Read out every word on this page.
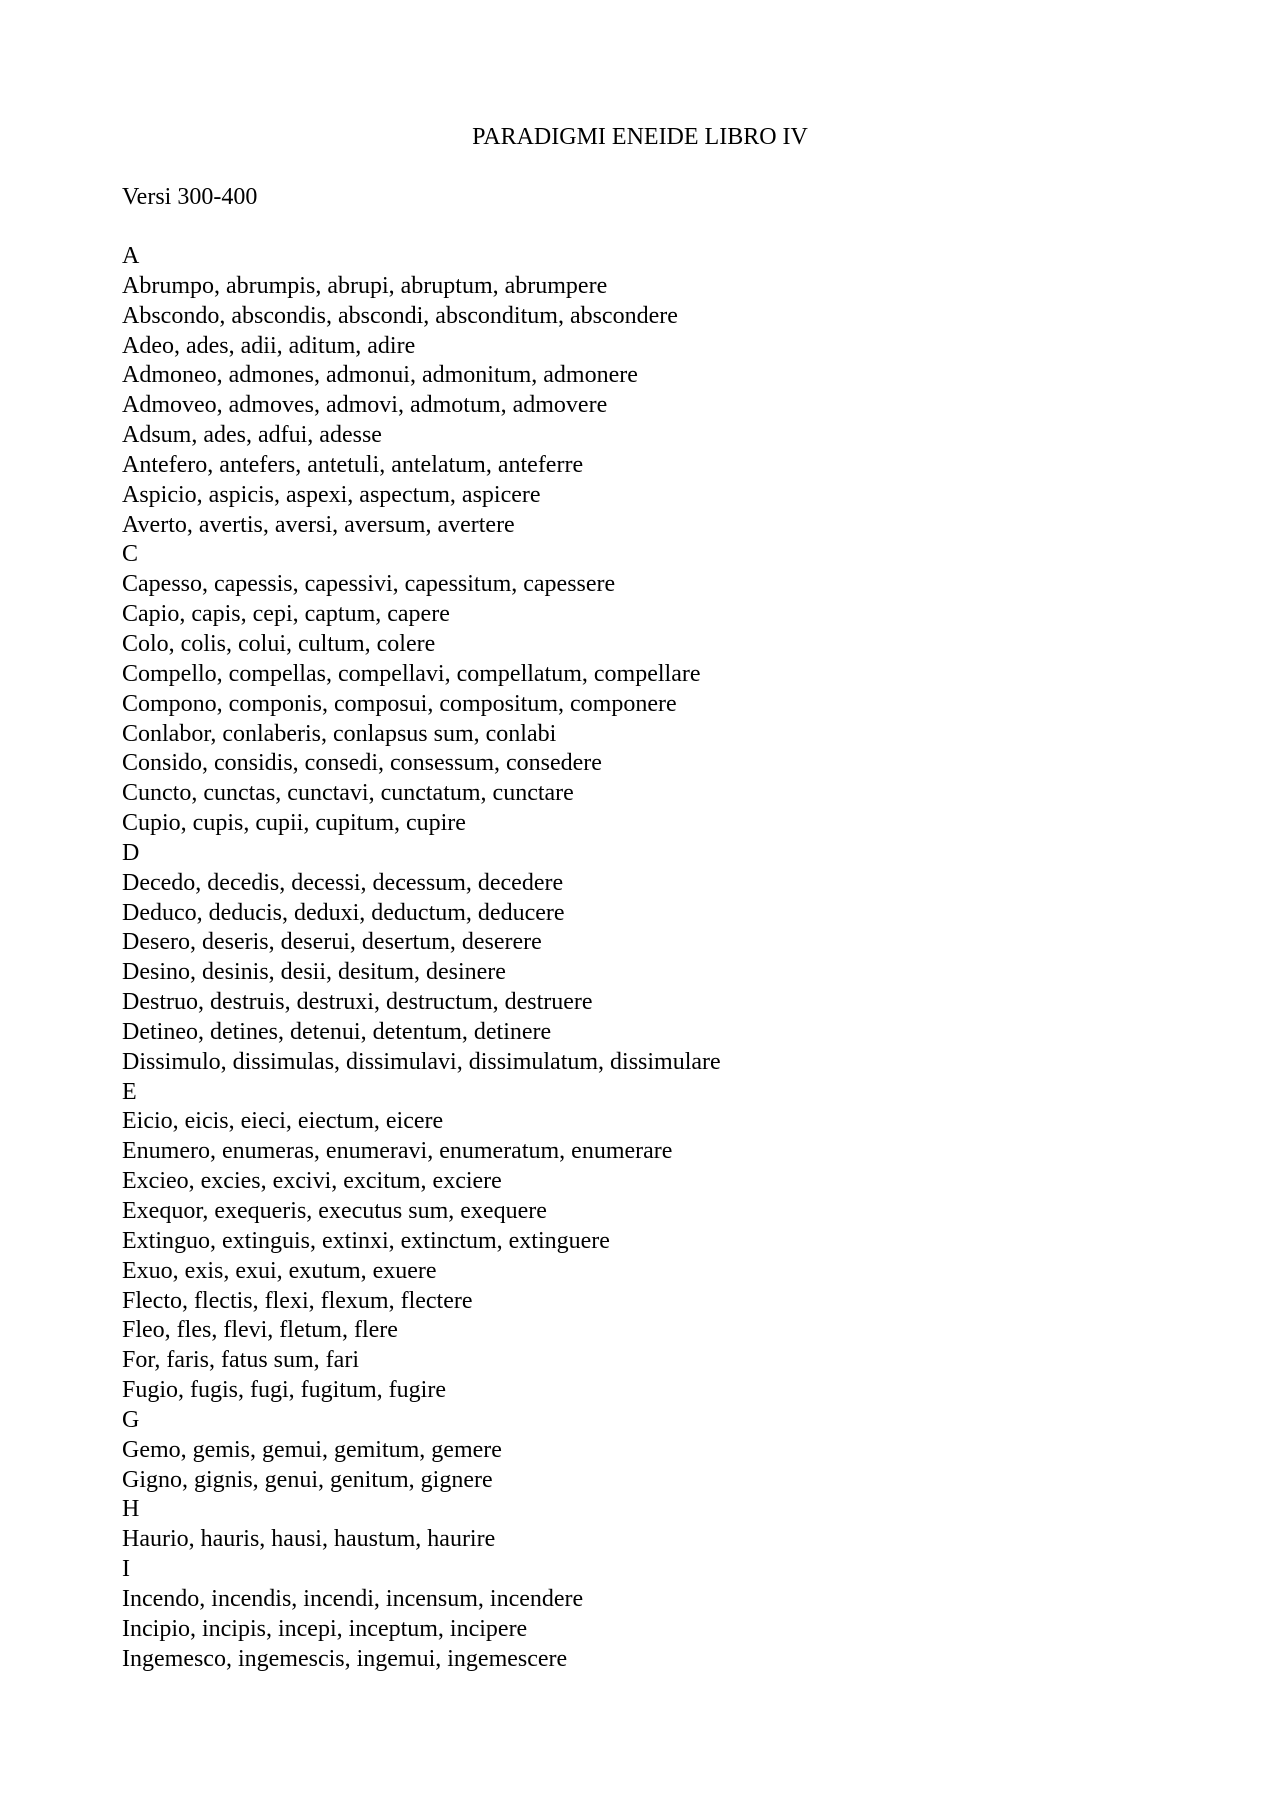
PARADIGMI ENEIDE LIBRO IV
Versi 300-400
A
Abrumpo, abrumpis, abrupi, abruptum, abrumpere
Abscondo, abscondis, abscondi, absconditum, abscondere
Adeo, ades, adii, aditum, adire
Admoneo, admones, admonui, admonitum, admonere
Admoveo, admoves, admovi, admotum, admovere
Adsum, ades, adfui, adesse
Antefero, antefers, antetuli, antelatum, anteferre
Aspicio, aspicis, aspexi, aspectum, aspicere
Averto, avertis, aversi, aversum, avertere
C
Capesso, capessis, capessivi, capessitum, capessere
Capio, capis, cepi, captum, capere
Colo, colis, colui, cultum, colere
Compello, compellas, compellavi, compellatum, compellare
Compono, componis, composui, compositum, componere
Conlabor, conlaberis, conlapsus sum, conlabi
Consido, considis, consedi, consessum, consedere
Cuncto, cunctas, cunctavi, cunctatum, cunctare
Cupio, cupis, cupii, cupitum, cupire
D
Decedo, decedis, decessi, decessum, decedere
Deduco, deducis, deduxi, deductum, deducere
Desero, deseris, deserui, desertum, deserere
Desino, desinis, desii, desitum, desinere
Destruo, destruis, destruxi, destructum, destruere
Detineo, detines, detenui, detentum, detinere
Dissimulo, dissimulas, dissimulavi, dissimulatum, dissimulare
E
Eicio, eicis, eieci, eiectum, eicere
Enumero, enumeras, enumeravi, enumeratum, enumerare
Excieo, excies, excivi, excitum, exciere
Exequor, exequeris, executus sum, exequere
Extinguo, extinguis, extinxi, extinctum, extinguere
Exuo, exis, exui, exutum, exuere
Flecto, flectis, flexi, flexum, flectere
Fleo, fles, flevi, fletum, flere
For, faris, fatus sum, fari
Fugio, fugis, fugi, fugitum, fugire
G
Gemo, gemis, gemui, gemitum, gemere
Gigno, gignis, genui, genitum, gignere
H
Haurio, hauris, hausi, haustum, haurire
I
Incendo, incendis, incendi, incensum, incendere
Incipio, incipis, incepi, inceptum, incipere
Ingemesco, ingemescis, ingemui, ingemescere
